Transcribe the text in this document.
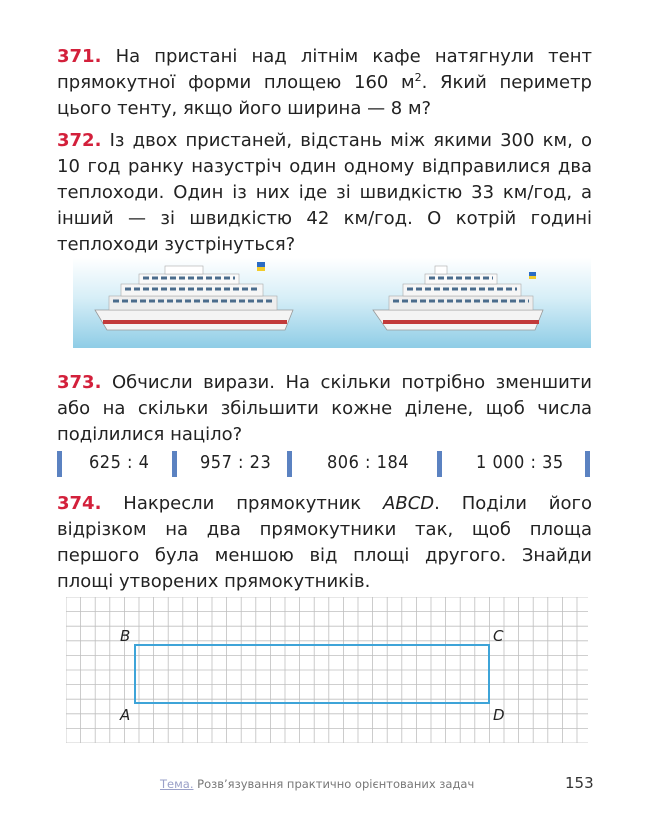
371. На пристані над літнім кафе натягнули тент прямокутної форми площею 160 $м^2$. Який периметр цього тенту, якщо його ширина — 8 м?
372. Із двох пристаней, відстань між якими 300 км, о 10 год ранку назустріч один одному відправилися два теплоходи. Один із них іде зі швидкістю 33 км/год, а інший — зі швидкістю 42 км/год. О котрій годині теплоходи зустрінуться?
373. Обчисли вирази. На скільки потрібно зменшити або на скільки збільшити кожне ділене, щоб числа поділилися націло?
625 : 4	957 : 23	806 : 184	1 000 : 35
374. Накресли прямокутник ABCD. Поділи його відрізком на два прямокутники так, щоб площа першого була меншою від площі другого. Знайди площі утворених прямокутників.
B	C
A	D
Тема. Розв’язування практично орієнтованих задач	153
